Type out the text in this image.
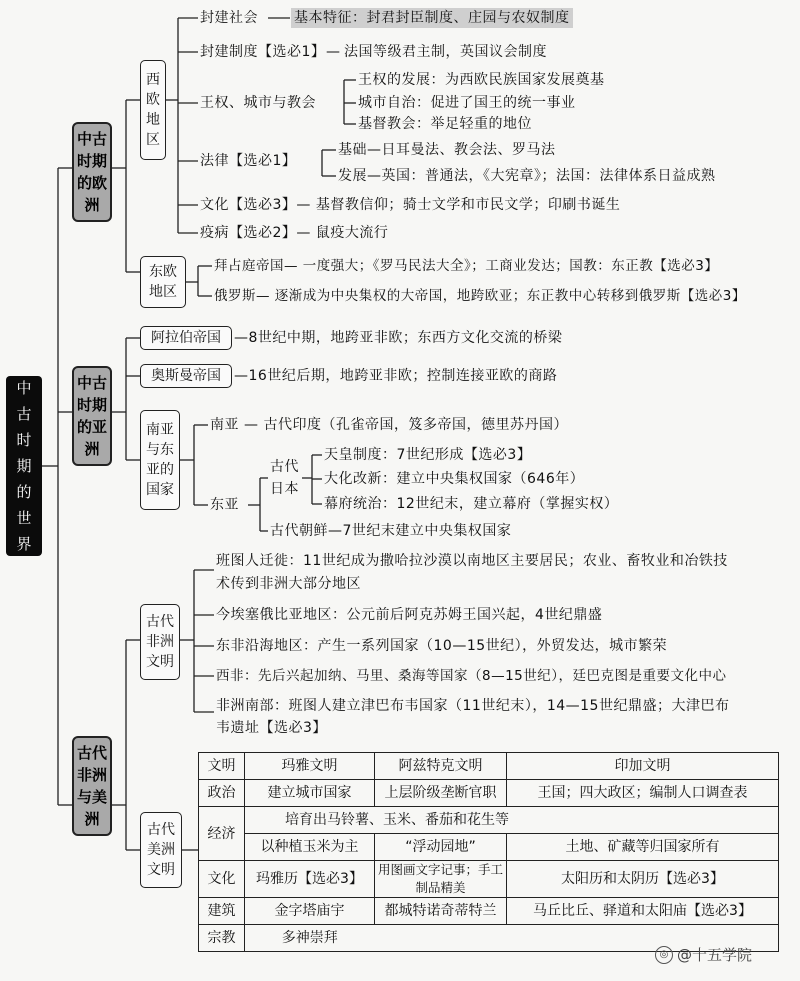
中
古
时
期
的
世
界
中古
时期
的欧
洲
西
欧
地
区
封建社会	基本特征：封君封臣制度、庄园与农奴制度
封建制度【选必1】 法国等级君主制，英国议会制度
—
王权、城市与教会
王权的发展：为西欧民族国家发展奠基
城市自治：促进了国王的统一事业
基督教会：举足轻重的地位
法律【选必1】
基础—日耳曼法、教会法、罗马法
发展—英国：普通法，《大宪章》；法国：法律体系日益成熟
文化【选必3】— 基督教信仰；骑士文学和市民文学；印刷书诞生
疫病【选必2】— 鼠疫大流行
东欧
地区
拜占庭帝国— 一度强大；《罗马民法大全》；工商业发达；国教：东正教【选必3】
俄罗斯— 逐渐成为中央集权的大帝国，地跨欧亚；东正教中心转移到俄罗斯【选必3】
中古
时期
的亚
洲
阿拉伯帝国 —8世纪中期，地跨亚非欧；东西方文化交流的桥梁
奥斯曼帝国 —16世纪后期，地跨亚非欧；控制连接亚欧的商路
南亚
与东
亚的
国家
南亚 — 古代印度（孔雀帝国，笈多帝国，德里苏丹国）
东亚
古代
日本
天皇制度：7世纪形成【选必3】
大化改新：建立中央集权国家（646年）
幕府统治：12世纪末，建立幕府（掌握实权）
古代朝鲜—7世纪末建立中央集权国家
古代
非洲
与美
洲
古代
非洲
文明
班图人迁徙：11世纪成为撒哈拉沙漠以南地区主要居民；农业、畜牧业和冶铁技
术传到非洲大部分地区
今埃塞俄比亚地区：公元前后阿克苏姆王国兴起，4世纪鼎盛
东非沿海地区：产生一系列国家（10—15世纪），外贸发达，城市繁荣
西非：先后兴起加纳、马里、桑海等国家（8—15世纪），廷巴克图是重要文化中心
非洲南部：班图人建立津巴布韦国家（11世纪末），14—15世纪鼎盛；大津巴布
韦遗址【选必3】
古代
美洲
文明
文明	玛雅文明	阿兹特克文明	印加文明
政治	建立城市国家	上层阶级垄断官职	王国；四大政区；编制人口调查表
经济	培育出马铃薯、玉米、番茄和花生等		
	以种植玉米为主	“浮动园地”	土地、矿藏等归国家所有
文化	玛雅历【选必3】	用图画文字记事；手工制品精美	太阳历和太阴历【选必3】
建筑	金字塔庙宇	都城特诺奇蒂特兰	马丘比丘、驿道和太阳庙【选必3】
宗教	多神崇拜		
◎ @十五学院
